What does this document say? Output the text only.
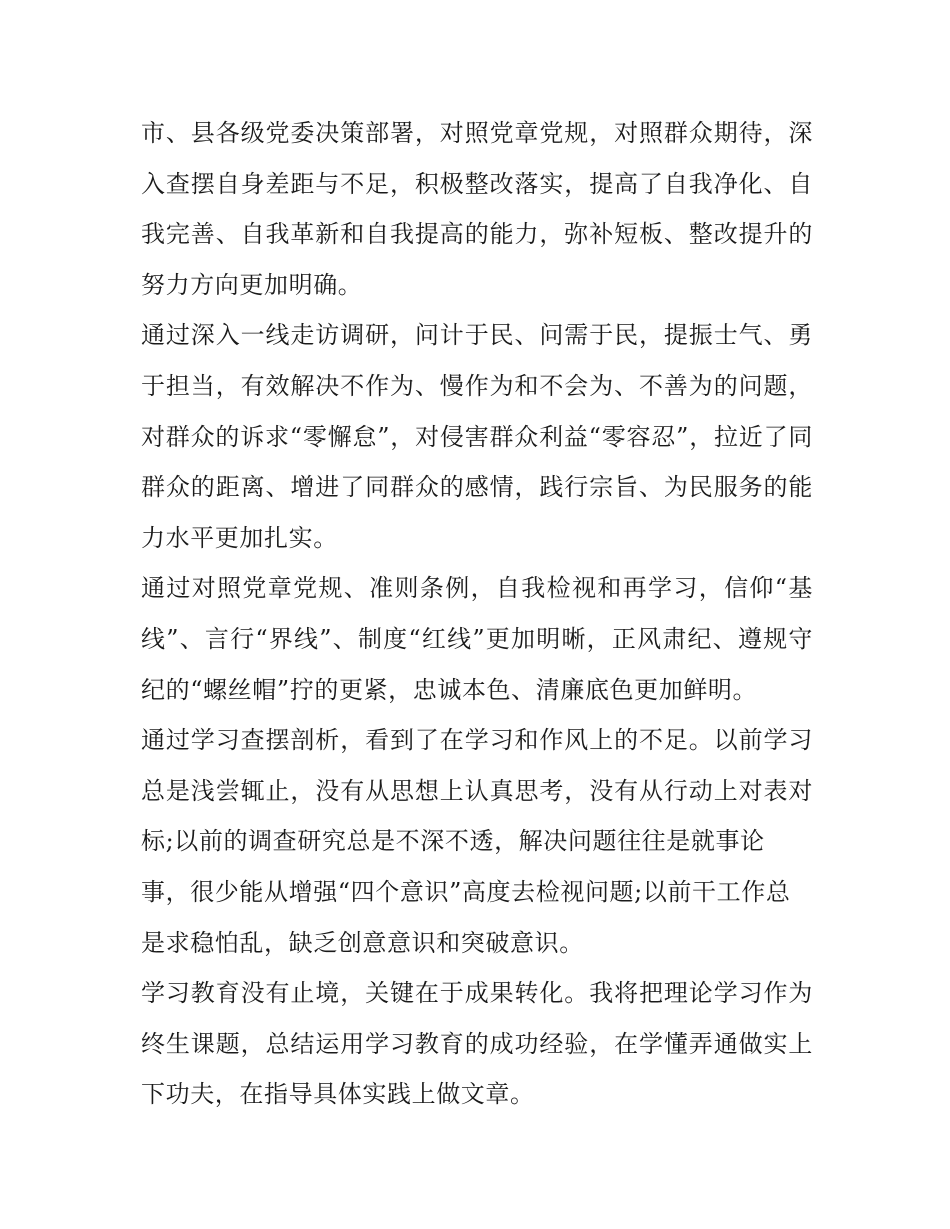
市、县各级党委决策部署，对照党章党规，对照群众期待，深
入查摆自身差距与不足，积极整改落实，提高了自我净化、自
我完善、自我革新和自我提高的能力，弥补短板、整改提升的
努力方向更加明确。
通过深入一线走访调研，问计于民、问需于民，提振士气、勇
于担当，有效解决不作为、慢作为和不会为、不善为的问题，
对群众的诉求“零懈怠”，对侵害群众利益“零容忍”，拉近了同
群众的距离、增进了同群众的感情，践行宗旨、为民服务的能
力水平更加扎实。
通过对照党章党规、准则条例，自我检视和再学习，信仰“基
线”、言行“界线”、制度“红线”更加明晰，正风肃纪、遵规守
纪的“螺丝帽”拧的更紧，忠诚本色、清廉底色更加鲜明。
通过学习查摆剖析，看到了在学习和作风上的不足。以前学习
总是浅尝辄止，没有从思想上认真思考，没有从行动上对表对
标;以前的调查研究总是不深不透，解决问题往往是就事论
事，很少能从增强“四个意识”高度去检视问题;以前干工作总
是求稳怕乱，缺乏创意意识和突破意识。
学习教育没有止境，关键在于成果转化。我将把理论学习作为
终生课题，总结运用学习教育的成功经验，在学懂弄通做实上
下功夫，在指导具体实践上做文章。
